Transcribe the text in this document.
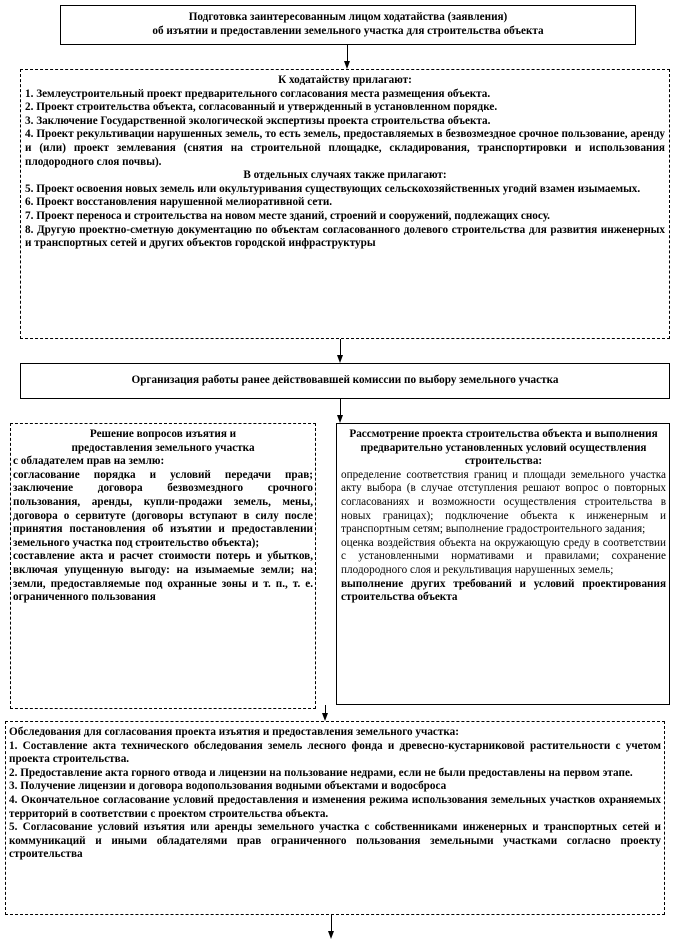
Подготовка заинтересованным лицом ходатайства (заявления)

об изъятии и предоставлении земельного участка для строительства объекта

К ходатайству прилагают:

1. Землеустроительный проект предварительного согласования места размещения объекта.

2. Проект строительства объекта, согласованный и утвержденный в установленном порядке.

3. Заключение Государственной экологической экспертизы проекта строительства объекта.

4. Проект рекультивации нарушенных земель, то есть земель, предоставляемых в безвозмездное срочное пользование, аренду и (или) проект землевания (снятия на строительной площадке, складирования, транспортировки и использования плодородного слоя почвы).

В отдельных случаях также прилагают:

5. Проект освоения новых земель или окультуривания существующих сельскохозяйственных угодий взамен изымаемых.

6. Проект восстановления нарушенной мелиоративной сети.

7. Проект переноса и строительства на новом месте зданий, строений и сооружений, подлежащих сносу.

8. Другую проектно-сметную документацию по объектам согласованного долевого строительства для развития инженерных и транспортных сетей и других объектов городской инфраструктуры

Организация работы ранее действовавшей комиссии по выбору земельного участка

Решение вопросов изъятия и предоставления земельного участка

с обладателем прав на землю:

согласование порядка и условий передачи прав; заключение договора безвозмездного срочного пользования, аренды, купли-продажи земель, мены, договора о сервитуте (договоры вступают в силу после принятия постановления об изъятии и предоставлении земельного участка под строительство объекта);

составление акта и расчет стоимости потерь и убытков, включая упущенную выгоду: на изымаемые земли; на земли, предоставляемые под охранные зоны и т. п., т. е. ограниченного пользования

Рассмотрение проекта строительства объекта и выполнения предварительно установленных условий осуществления строительства:

определение соответствия границ и площади земельного участка акту выбора (в случае отступления решают вопрос о повторных согласованиях и возможности осуществления строительства в новых границах); подключение объекта к инженерным и транспортным сетям; выполнение градостроительного задания;

оценка воздействия объекта на окружающую среду в соответствии с установленными нормативами и правилами; сохранение плодородного слоя и рекультивация нарушенных земель;

выполнение других требований и условий проектирования строительства объекта

Обследования для согласования проекта изъятия и предоставления земельного участка:

1. Составление акта технического обследования земель лесного фонда и древесно-кустарниковой растительности с учетом проекта строительства.

2. Предоставление акта горного отвода и лицензии на пользование недрами, если не были предоставлены на первом этапе.

3. Получение лицензии и договора водопользования водными объектами и водосброса

4. Окончательное согласование условий предоставления и изменения режима использования земельных участков охраняемых территорий в соответствии с проектом строительства объекта.

5. Согласование условий изъятия или аренды земельного участка с собственниками инженерных и транспортных сетей и коммуникаций и иными обладателями прав ограниченного пользования земельными участками согласно проекту строительства
